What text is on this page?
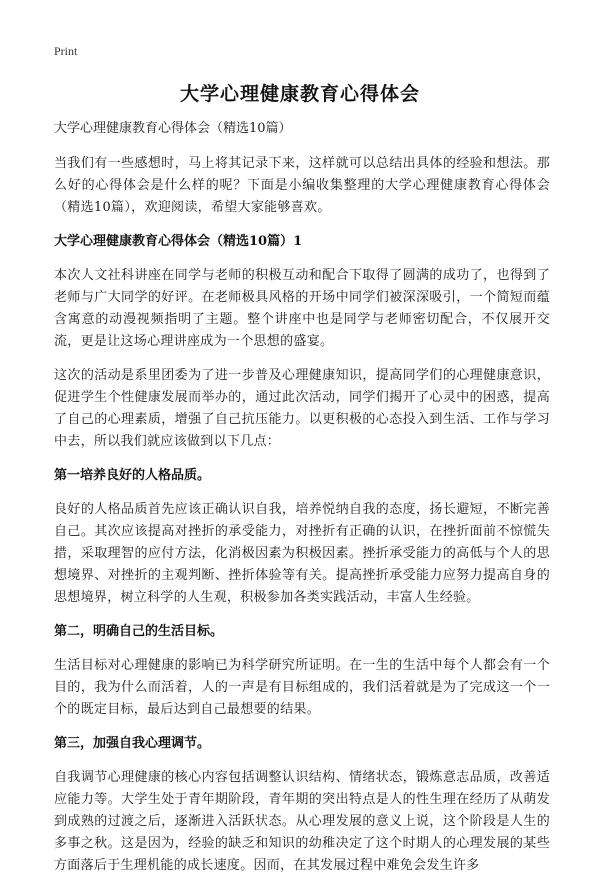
Print
大学心理健康教育心得体会

大学心理健康教育心得体会（精选10篇）

当我们有一些感想时，马上将其记录下来，这样就可以总结出具体的经验和想法。那么好的心得体会是什么样的呢？下面是小编收集整理的大学心理健康教育心得体会（精选10篇），欢迎阅读，希望大家能够喜欢。

大学心理健康教育心得体会（精选10篇）1

本次人文社科讲座在同学与老师的积极互动和配合下取得了圆满的成功了，也得到了老师与广大同学的好评。在老师极具风格的开场中同学们被深深吸引，一个简短而蕴含寓意的动漫视频指明了主题。整个讲座中也是同学与老师密切配合，不仅展开交流，更是让这场心理讲座成为一个思想的盛宴。

这次的活动是系里团委为了进一步普及心理健康知识，提高同学们的心理健康意识，促进学生个性健康发展而举办的，通过此次活动，同学们揭开了心灵中的困惑，提高了自己的心理素质，增强了自己抗压能力。以更积极的心态投入到生活、工作与学习中去，所以我们就应该做到以下几点：

第一培养良好的人格品质。

良好的人格品质首先应该正确认识自我，培养悦纳自我的态度，扬长避短，不断完善自己。其次应该提高对挫折的承受能力，对挫折有正确的认识，在挫折面前不惊慌失措，采取理智的应付方法，化消极因素为积极因素。挫折承受能力的高低与个人的思想境界、对挫折的主观判断、挫折体验等有关。提高挫折承受能力应努力提高自身的思想境界，树立科学的人生观，积极参加各类实践活动，丰富人生经验。

第二，明确自己的生活目标。

生活目标对心理健康的影响已为科学研究所证明。在一生的生活中每个人都会有一个目的，我为什么而活着，人的一声是有目标组成的，我们活着就是为了完成这一个一个的既定目标，最后达到自己最想要的结果。

第三，加强自我心理调节。

自我调节心理健康的核心内容包括调整认识结构、情绪状态，锻炼意志品质，改善适应能力等。大学生处于青年期阶段，青年期的突出特点是人的性生理在经历了从萌发到成熟的过渡之后，逐渐进入活跃状态。从心理发展的意义上说，这个阶段是人生的多事之秋。这是因为，经验的缺乏和知识的幼稚决定了这个时期人的心理发展的某些方面落后于生理机能的成长速度。因而，在其发展过程中难免会发生许多
